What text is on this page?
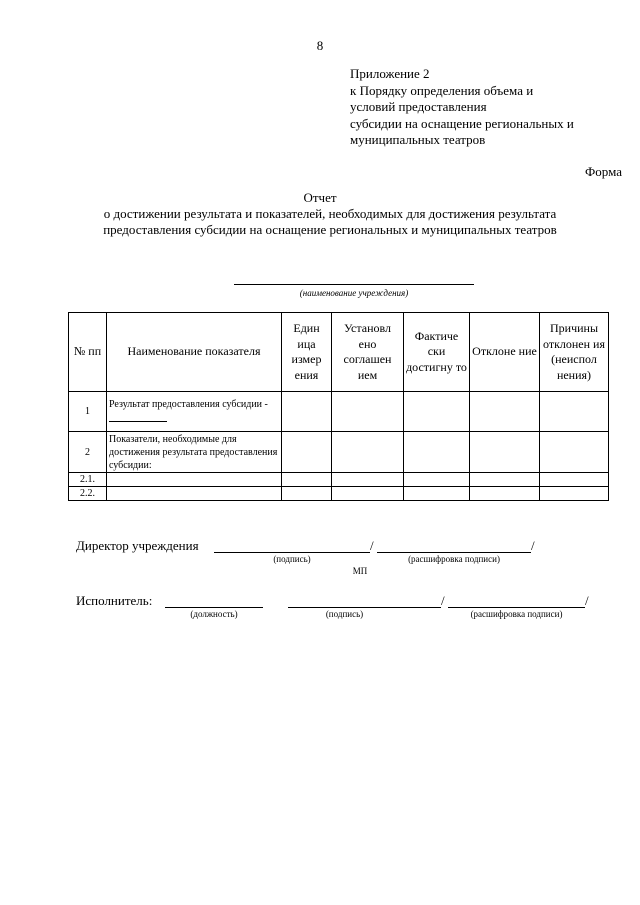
8
Приложение 2
к Порядку определения объема и
условий предоставления
субсидии на оснащение региональных и
муниципальных театров
Форма
Отчет
о достижении результата и показателей, необходимых для достижения результата предоставления субсидии на оснащение региональных и муниципальных театров
(наименование учреждения)
№ пп	Наименование показателя	Един ица измер ения	Установл ено соглашен ием	Фактиче ски достигну то	Отклоне ние	Причины отклонен ия (неиспол нения)
1	Результат предоставления субсидии -					
2	Показатели, необходимые для достижения результата предоставления субсидии:					
2.1.						
2.2.						
Директор учреждения	/	/
(подпись)	(расшифровка подписи)
МП
Исполнитель:	/	/
(должность)	(подпись)	(расшифровка подписи)
